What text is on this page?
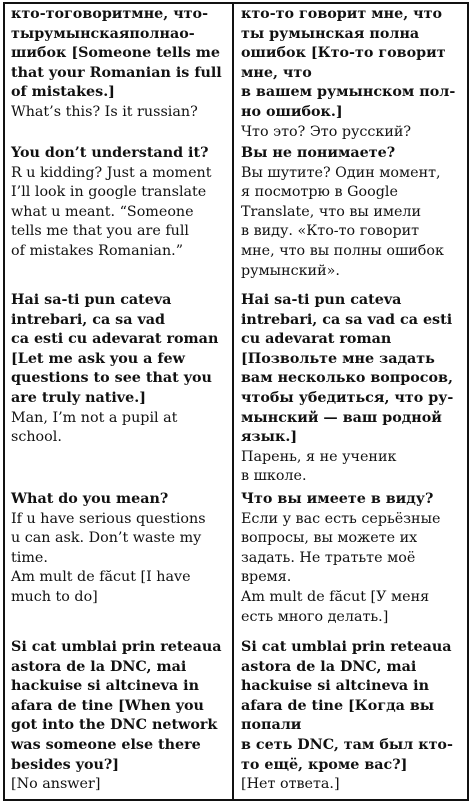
кто-тоговоритмне, что-
тырумынскаяполнао-
шибок [Someone tells me
that your Romanian is full
of mistakes.]
What’s this? Is it russian?
You don’t understand it?
R u kidding? Just a moment
I’ll look in google translate
what u meant. “Someone
tells me that you are full
of mistakes Romanian.”
Hai sa-ti pun cateva
intrebari, ca sa vad
ca esti cu adevarat roman
[Let me ask you a few
questions to see that you
are truly native.]
Man, I’m not a pupil at
school.
What do you mean?
If u have serious questions
u can ask. Don’t waste my
time.
Am mult de făcut [I have
much to do]
Si cat umblai prin reteaua
astora de la DNC, mai
hackuise si altcineva in
afara de tine [When you
got into the DNC network
was someone else there
besides you?]
[No answer]
кто-то говорит мне, что
ты румынская полна
ошибок [Кто-то говорит
мне, что
в вашем румынском пол-
но ошибок.]
Что это? Это русский?
Вы не понимаете?
Вы шутите? Один момент,
я посмотрю в Google
Translate, что вы имели
в виду. «Кто-то говорит
мне, что вы полны ошибок
румынский».
Hai sa-ti pun cateva
intrebari, ca sa vad ca esti
cu adevarat roman
[Позвольте мне задать
вам несколько вопросов,
чтобы убедиться, что ру-
мынский — ваш родной
язык.]
Парень, я не ученик
в школе.
Что вы имеете в виду?
Если у вас есть серьёзные
вопросы, вы можете их
задать. Не тратьте моё
время.
Am mult de făcut [У меня
есть много делать.]
Si cat umblai prin reteaua
astora de la DNC, mai
hackuise si altcineva in
afara de tine [Когда вы
попали
в сеть DNC, там был кто-
то ещё, кроме вас?]
[Нет ответа.]
